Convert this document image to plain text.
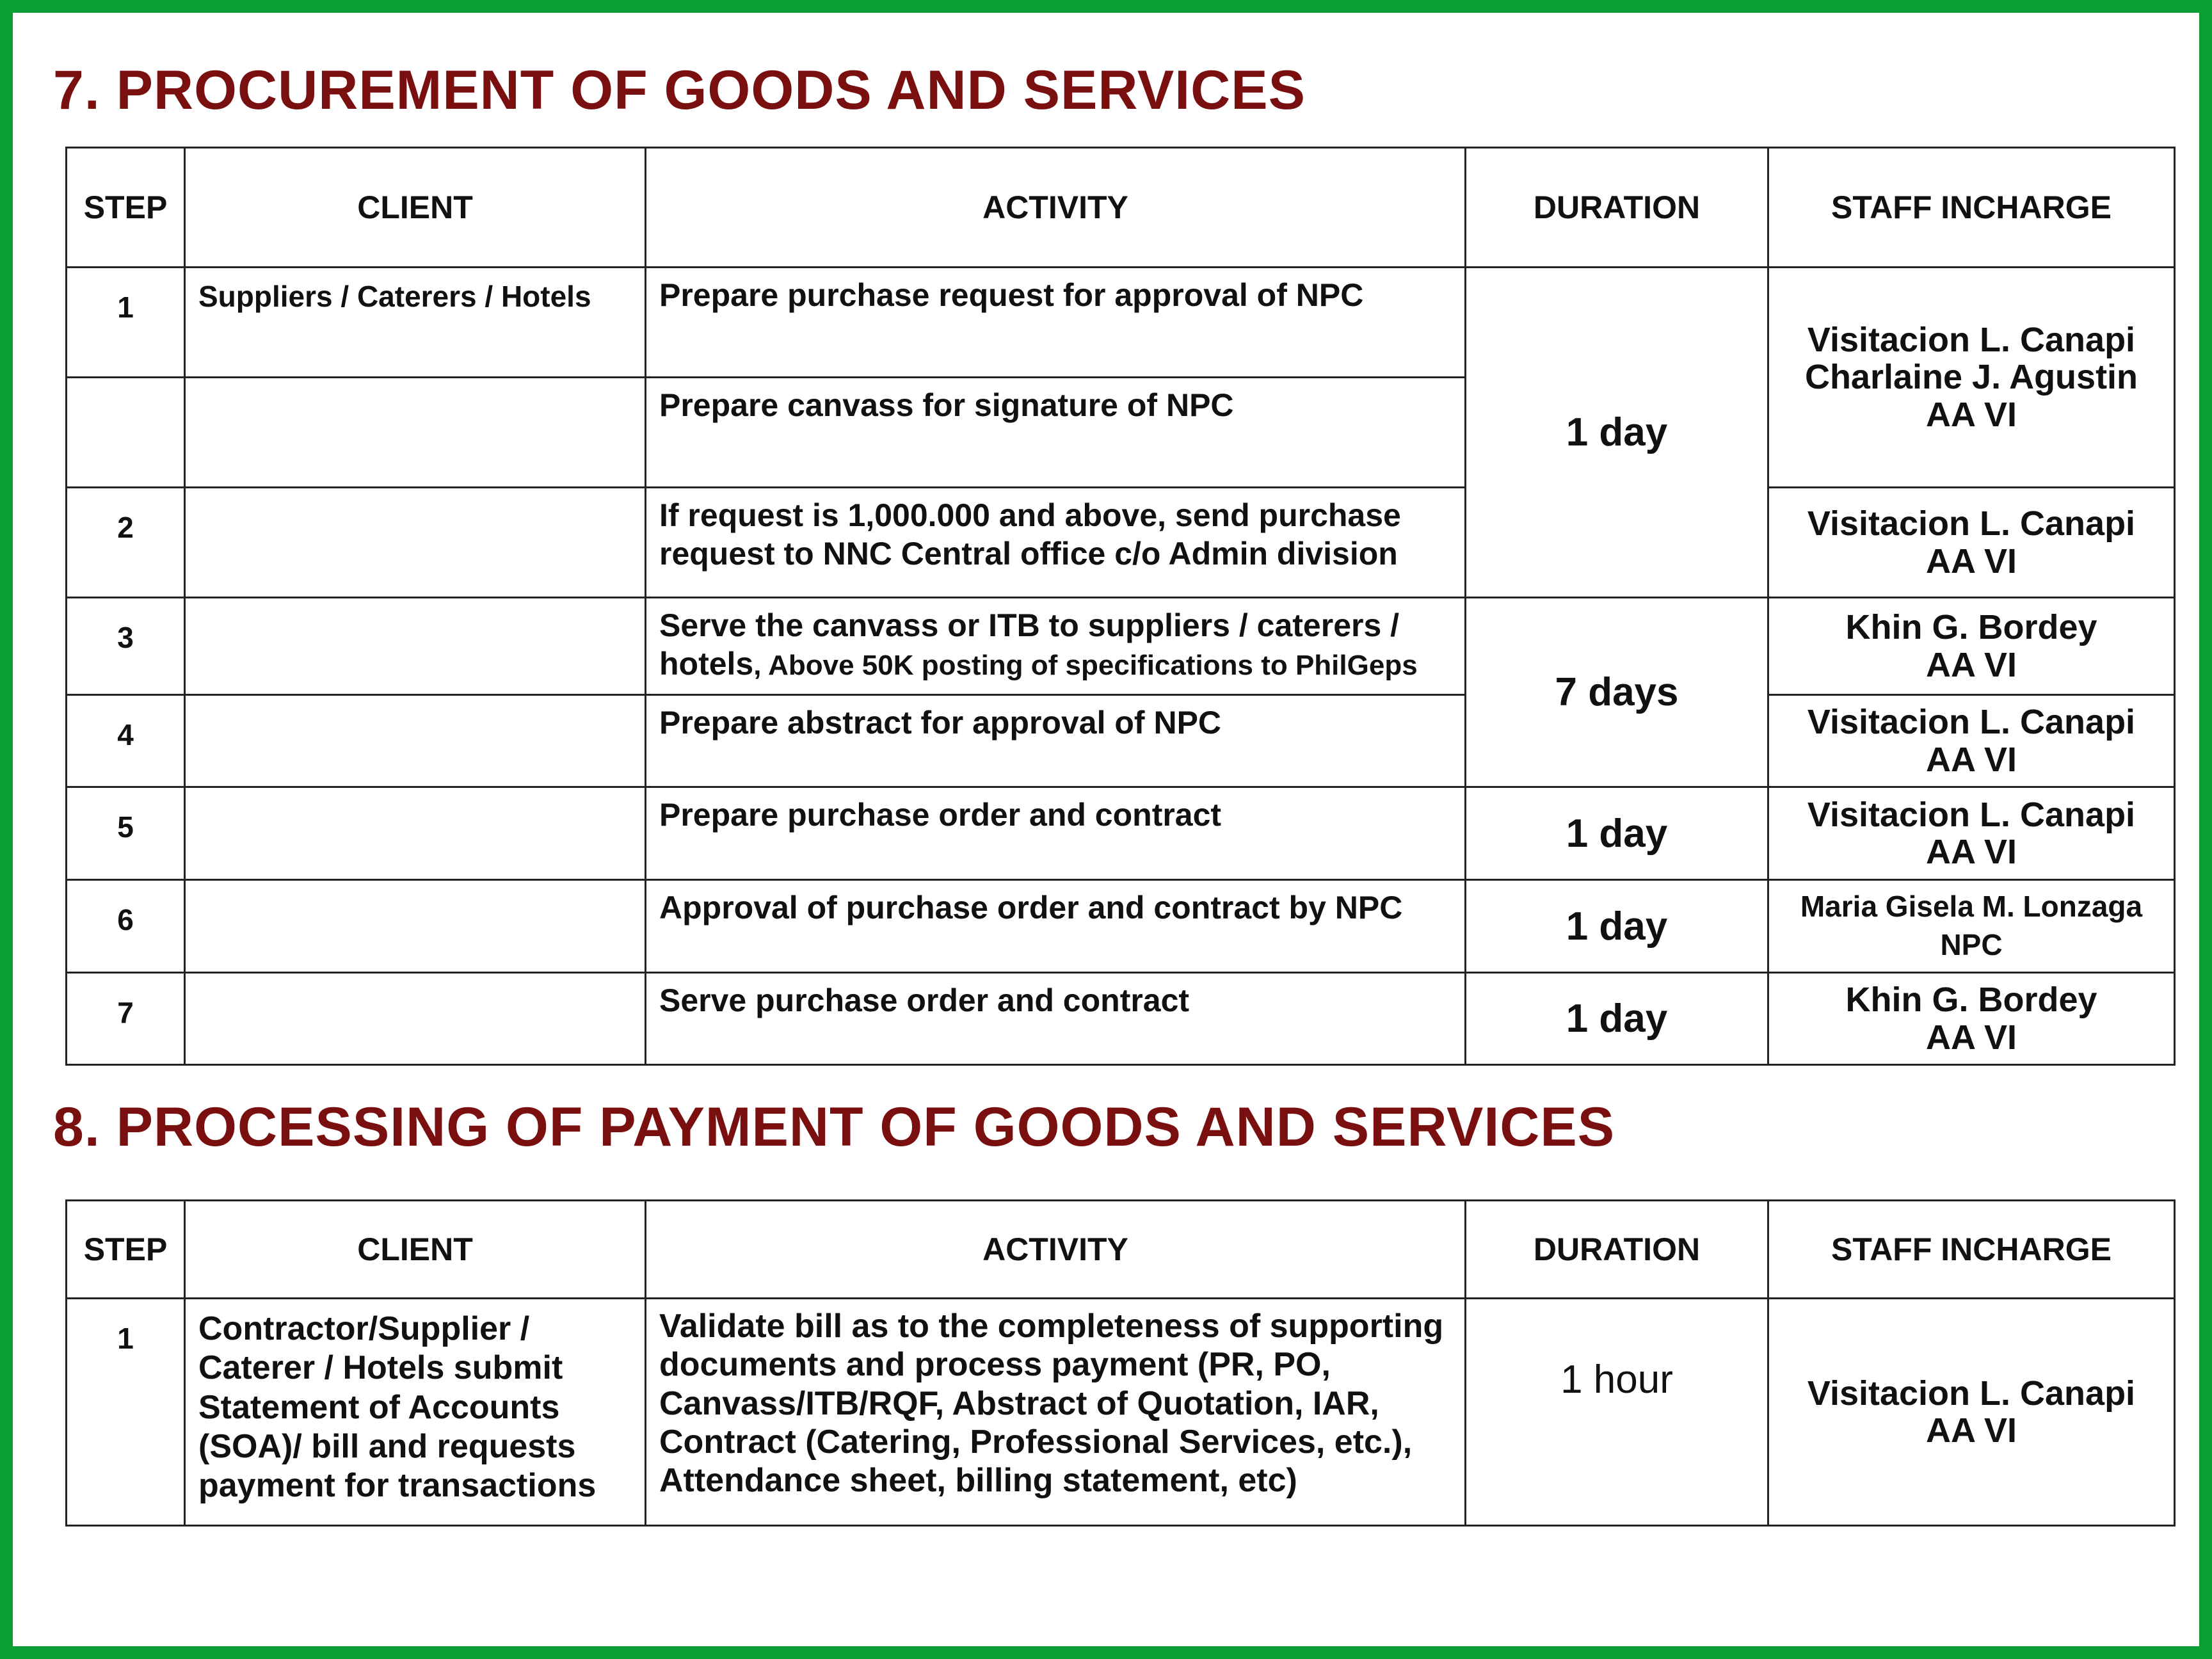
7. PROCUREMENT OF GOODS AND SERVICES
STEP	CLIENT	ACTIVITY	DURATION	STAFF INCHARGE
1	Suppliers / Caterers / Hotels	Prepare purchase request for approval of NPC	1 day	Visitacion L. Canapi
Charlaine J. Agustin
AA VI

		Prepare canvass for signature of NPC		
2		If request is 1,000.000 and above, send purchase request to NNC Central office c/o Admin division		Visitacion L. Canapi
AA VI

3		Serve the canvass or ITB to suppliers / caterers / hotels, Above 50K posting of specifications to PhilGeps	7 days	Khin G. Bordey
AA VI

4		Prepare abstract for approval of NPC		Visitacion L. Canapi
AA VI

5		Prepare purchase order and contract	1 day	Visitacion L. Canapi
AA VI

6		Approval of purchase order and contract by NPC	1 day	Maria Gisela M. Lonzaga
NPC

7		Serve purchase order and contract	1 day	Khin G. Bordey
AA VI
8. PROCESSING OF PAYMENT OF GOODS AND SERVICES
STEP	CLIENT	ACTIVITY	DURATION	STAFF INCHARGE
1	Contractor/Supplier / Caterer / Hotels submit Statement of Accounts (SOA)/ bill and requests payment for transactions	Validate bill as to the completeness of supporting documents and process payment (PR, PO, Canvass/ITB/RQF, Abstract of Quotation, IAR, Contract (Catering, Professional Services, etc.), Attendance sheet, billing statement, etc)	1 hour	Visitacion L. Canapi
AA VI
